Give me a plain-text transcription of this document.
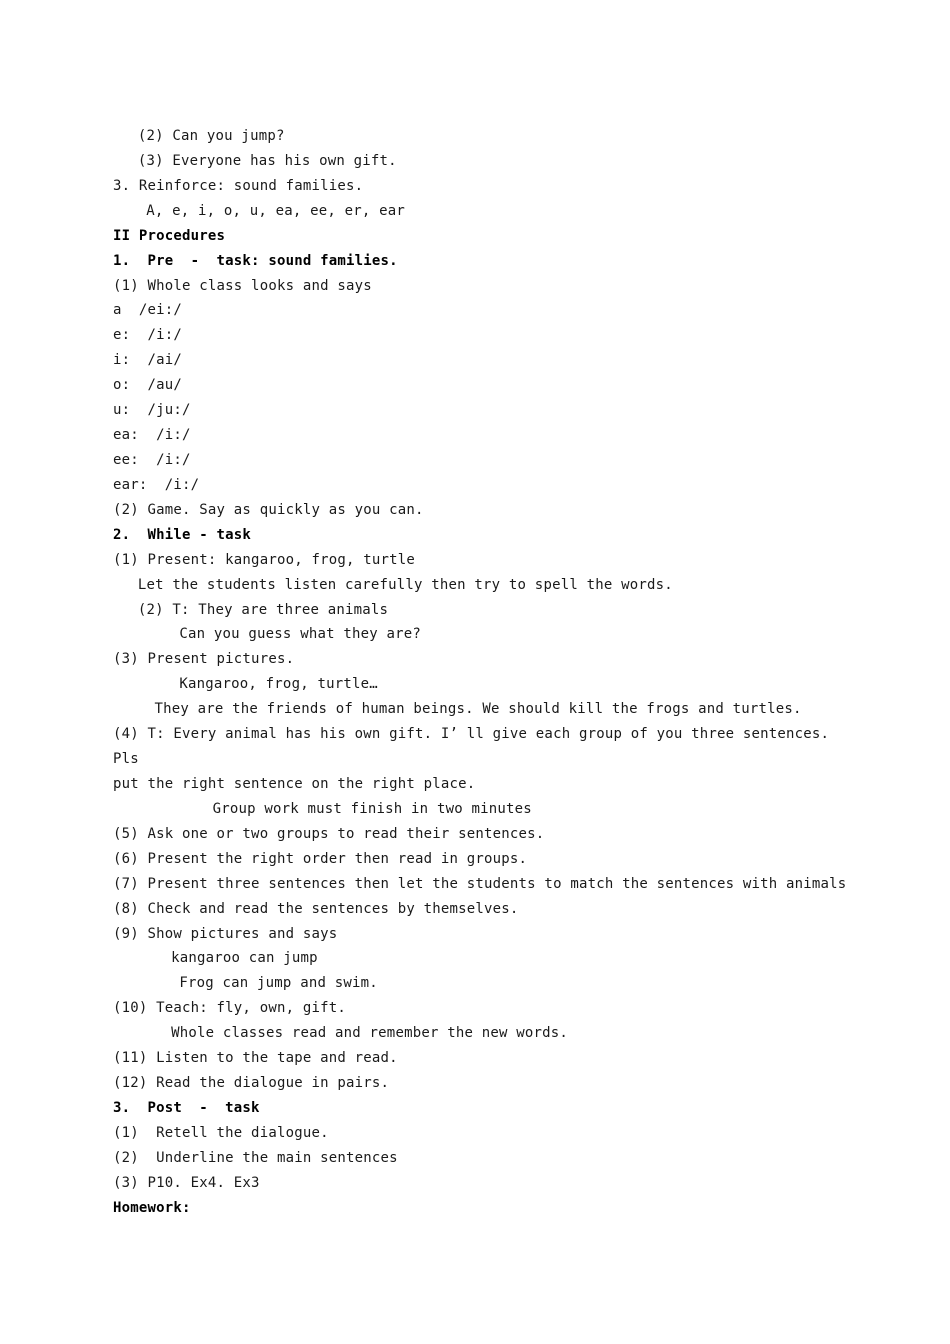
(2) Can you jump?
(3) Everyone has his own gift.
3. Reinforce: sound families.
A, e, i, o, u, ea, ee, er, ear
II Procedures
1.  Pre  -  task: sound families.
(1) Whole class looks and says
a  /ei:/
e:  /i:/
i:  /ai/
o:  /au/
u:  /ju:/
ea:  /i:/
ee:  /i:/
ear:  /i:/
(2) Game. Say as quickly as you can.
2.  While - task
(1) Present: kangaroo, frog, turtle
Let the students listen carefully then try to spell the words.
(2) T: They are three animals
Can you guess what they are?
(3) Present pictures.
Kangaroo, frog, turtle…
They are the friends of human beings. We should kill the frogs and turtles.
(4) T: Every animal has his own gift. I’ ll give each group of you three sentences.
Pls
put the right sentence on the right place.
Group work must finish in two minutes
(5) Ask one or two groups to read their sentences.
(6) Present the right order then read in groups.
(7) Present three sentences then let the students to match the sentences with animals
(8) Check and read the sentences by themselves.
(9) Show pictures and says
kangaroo can jump
Frog can jump and swim.
(10) Teach: fly, own, gift.
Whole classes read and remember the new words.
(11) Listen to the tape and read.
(12) Read the dialogue in pairs.
3.  Post  -  task
(1)  Retell the dialogue.
(2)  Underline the main sentences
(3) P10. Ex4. Ex3
Homework:
